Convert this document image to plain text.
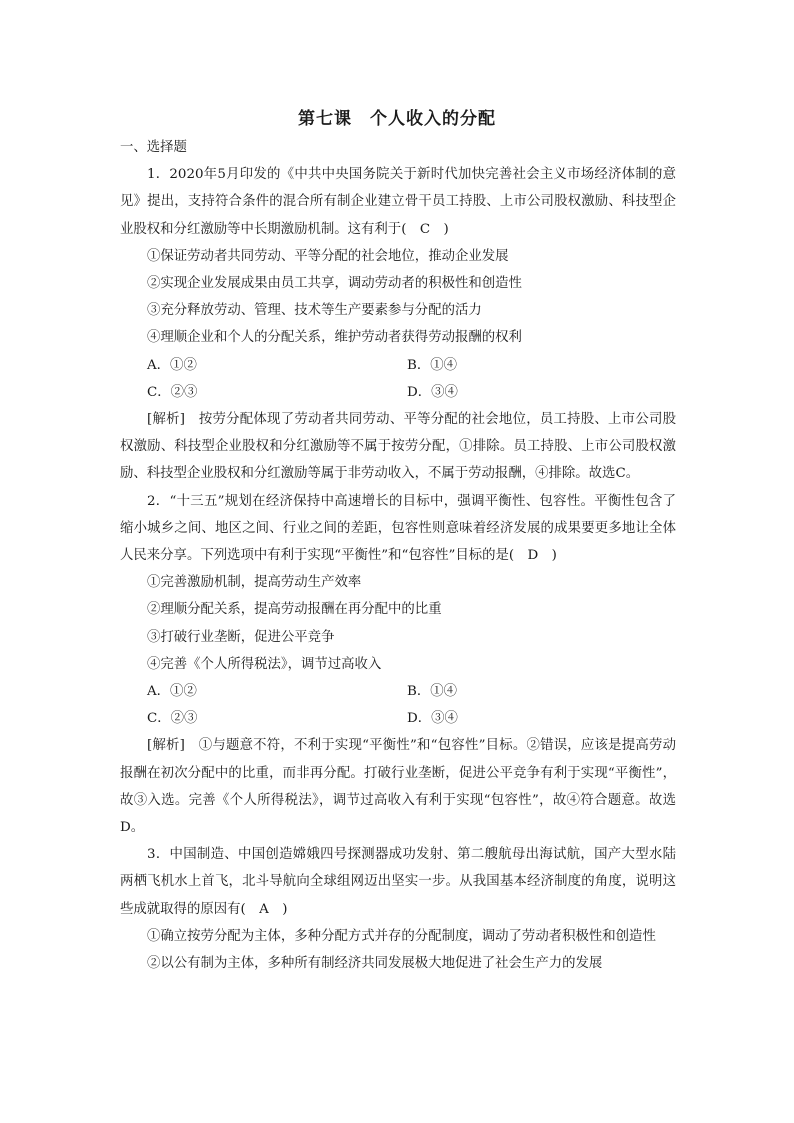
第七课　个人收入的分配

一、选择题

1．2020年5月印发的《中共中央国务院关于新时代加快完善社会主义市场经济体制的意见》提出，支持符合条件的混合所有制企业建立骨干员工持股、上市公司股权激励、科技型企业股权和分红激励等中长期激励机制。这有利于(　C　)

①保证劳动者共同劳动、平等分配的社会地位，推动企业发展

②实现企业发展成果由员工共享，调动劳动者的积极性和创造性

③充分释放劳动、管理、技术等生产要素参与分配的活力

④理顺企业和个人的分配关系，维护劳动者获得劳动报酬的权利

A．①②	B．①④
C．②③	D．③④

[解析]　按劳分配体现了劳动者共同劳动、平等分配的社会地位，员工持股、上市公司股权激励、科技型企业股权和分红激励等不属于按劳分配，①排除。员工持股、上市公司股权激励、科技型企业股权和分红激励等属于非劳动收入，不属于劳动报酬，④排除。故选C。

2．“十三五”规划在经济保持中高速增长的目标中，强调平衡性、包容性。平衡性包含了缩小城乡之间、地区之间、行业之间的差距，包容性则意味着经济发展的成果要更多地让全体人民来分享。下列选项中有利于实现“平衡性”和“包容性”目标的是(　D　)

①完善激励机制，提高劳动生产效率

②理顺分配关系，提高劳动报酬在再分配中的比重

③打破行业垄断，促进公平竞争

④完善《个人所得税法》，调节过高收入

A．①②	B．①④
C．②③	D．③④

[解析]　①与题意不符，不利于实现“平衡性”和“包容性”目标。②错误，应该是提高劳动报酬在初次分配中的比重，而非再分配。打破行业垄断，促进公平竞争有利于实现“平衡性”，故③入选。完善《个人所得税法》，调节过高收入有利于实现“包容性”，故④符合题意。故选D。

3．中国制造、中国创造嫦娥四号探测器成功发射、第二艘航母出海试航，国产大型水陆两栖飞机水上首飞，北斗导航向全球组网迈出坚实一步。从我国基本经济制度的角度，说明这些成就取得的原因有(　A　)

①确立按劳分配为主体，多种分配方式并存的分配制度，调动了劳动者积极性和创造性

②以公有制为主体，多种所有制经济共同发展极大地促进了社会生产力的发展
